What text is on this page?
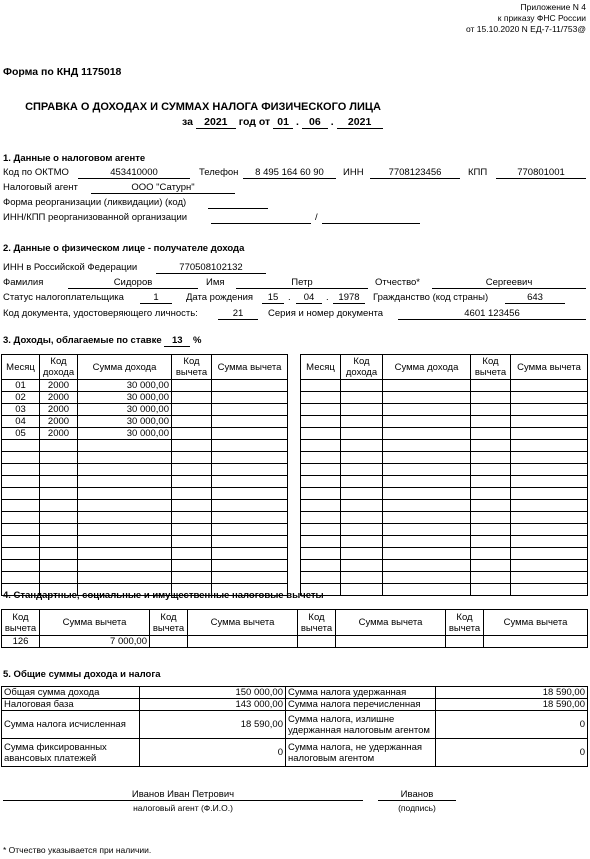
Приложение N 4
к приказу ФНС России
от 15.10.2020 N ЕД-7-11/753@
Форма по КНД 1175018
СПРАВКА О ДОХОДАХ И СУММАХ НАЛОГА ФИЗИЧЕСКОГО ЛИЦА
за 2021 год от 01 . 06 . 2021
1. Данные о налоговом агенте
Код по ОКТМО	453410000	Телефон	8 495 164 60 90	ИНН	7708123456	КПП	770801001
Налоговый агент	ООО "Сатурн"
Форма реорганизации (ликвидации) (код)
ИНН/КПП реорганизованной организации	/
2. Данные о физическом лице - получателе дохода
ИНН в Российской Федерации	770508102132
Фамилия	Сидоров	Имя	Петр	Отчество*	Сергеевич
Статус налогоплательщика	1	Дата рождения	15	.	04	.	1978	Гражданство (код страны)	643
Код документа, удостоверяющего личность:	21	Серия и номер документа	4601 123456
3. Доходы, облагаемые по ставке 13 %
Месяц	Код дохода	Сумма дохода	Код вычета	Сумма вычета
01	2000	30 000,00		
02	2000	30 000,00		
03	2000	30 000,00		
04	2000	30 000,00		
05	2000	30 000,00		

Месяц	Код дохода	Сумма дохода	Код вычета	Сумма вычета

4. Стандартные, социальные и имущественные налоговые вычеты
Код вычета	Сумма вычета	Код вычета	Сумма вычета	Код вычета	Сумма вычета	Код вычета	Сумма вычета
126	7 000,00						
5. Общие суммы дохода и налога
Общая сумма дохода	150 000,00	Сумма налога удержанная	18 590,00
Налоговая база	143 000,00	Сумма налога перечисленная	18 590,00
Сумма налога исчисленная	18 590,00	Сумма налога, излишне удержанная налоговым агентом	0
Сумма фиксированных авансовых платежей	0	Сумма налога, не удержанная налоговым агентом	0
Иванов Иван Петрович
налоговый агент (Ф.И.О.)
Иванов
(подпись)
* Отчество указывается при наличии.
